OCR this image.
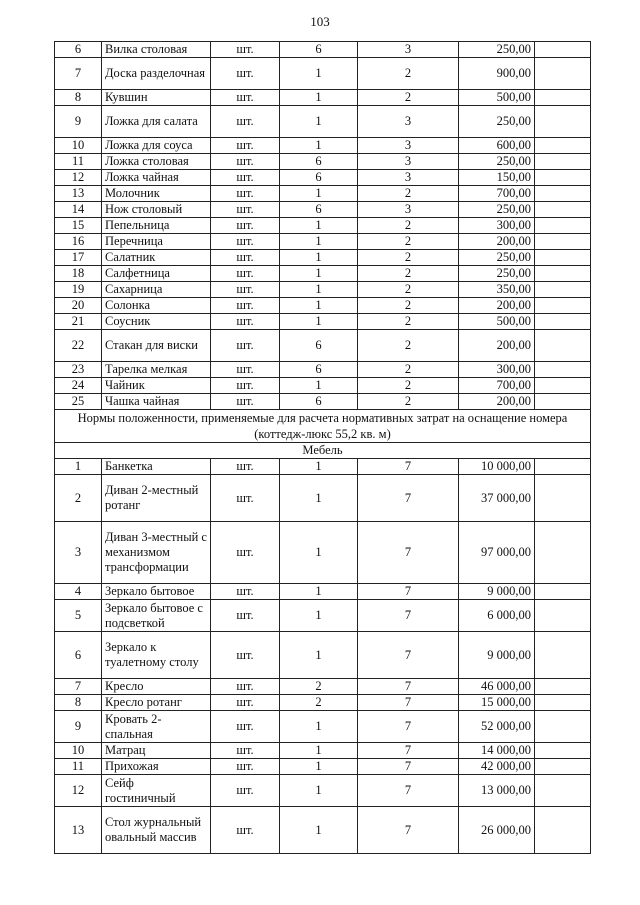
103
6	Вилка столовая	шт.	6	3	250,00	
7	Доска разделочная	шт.	1	2	900,00	
8	Кувшин	шт.	1	2	500,00	
9	Ложка для салата	шт.	1	3	250,00	
10	Ложка для соуса	шт.	1	3	600,00	
11	Ложка столовая	шт.	6	3	250,00	
12	Ложка чайная	шт.	6	3	150,00	
13	Молочник	шт.	1	2	700,00	
14	Нож столовый	шт.	6	3	250,00	
15	Пепельница	шт.	1	2	300,00	
16	Перечница	шт.	1	2	200,00	
17	Салатник	шт.	1	2	250,00	
18	Салфетница	шт.	1	2	250,00	
19	Сахарница	шт.	1	2	350,00	
20	Солонка	шт.	1	2	200,00	
21	Соусник	шт.	1	2	500,00	
22	Стакан для виски	шт.	6	2	200,00	
23	Тарелка мелкая	шт.	6	2	300,00	
24	Чайник	шт.	1	2	700,00	
25	Чашка чайная	шт.	6	2	200,00	
Нормы положенности, применяемые для расчета нормативных затрат на оснащение номера (коттедж-люкс 55,2 кв. м)						
Мебель						
1	Банкетка	шт.	1	7	10 000,00	
2	Диван 2-местный ротанг	шт.	1	7	37 000,00	
3	Диван 3-местный с механизмом трансформации	шт.	1	7	97 000,00	
4	Зеркало бытовое	шт.	1	7	9 000,00	
5	Зеркало бытовое с подсветкой	шт.	1	7	6 000,00	
6	Зеркало к туалетному столу	шт.	1	7	9 000,00	
7	Кресло	шт.	2	7	46 000,00	
8	Кресло ротанг	шт.	2	7	15 000,00	
9	Кровать 2-спальная	шт.	1	7	52 000,00	
10	Матрац	шт.	1	7	14 000,00	
11	Прихожая	шт.	1	7	42 000,00	
12	Сейф гостиничный	шт.	1	7	13 000,00	
13	Стол журнальный овальный массив	шт.	1	7	26 000,00	
